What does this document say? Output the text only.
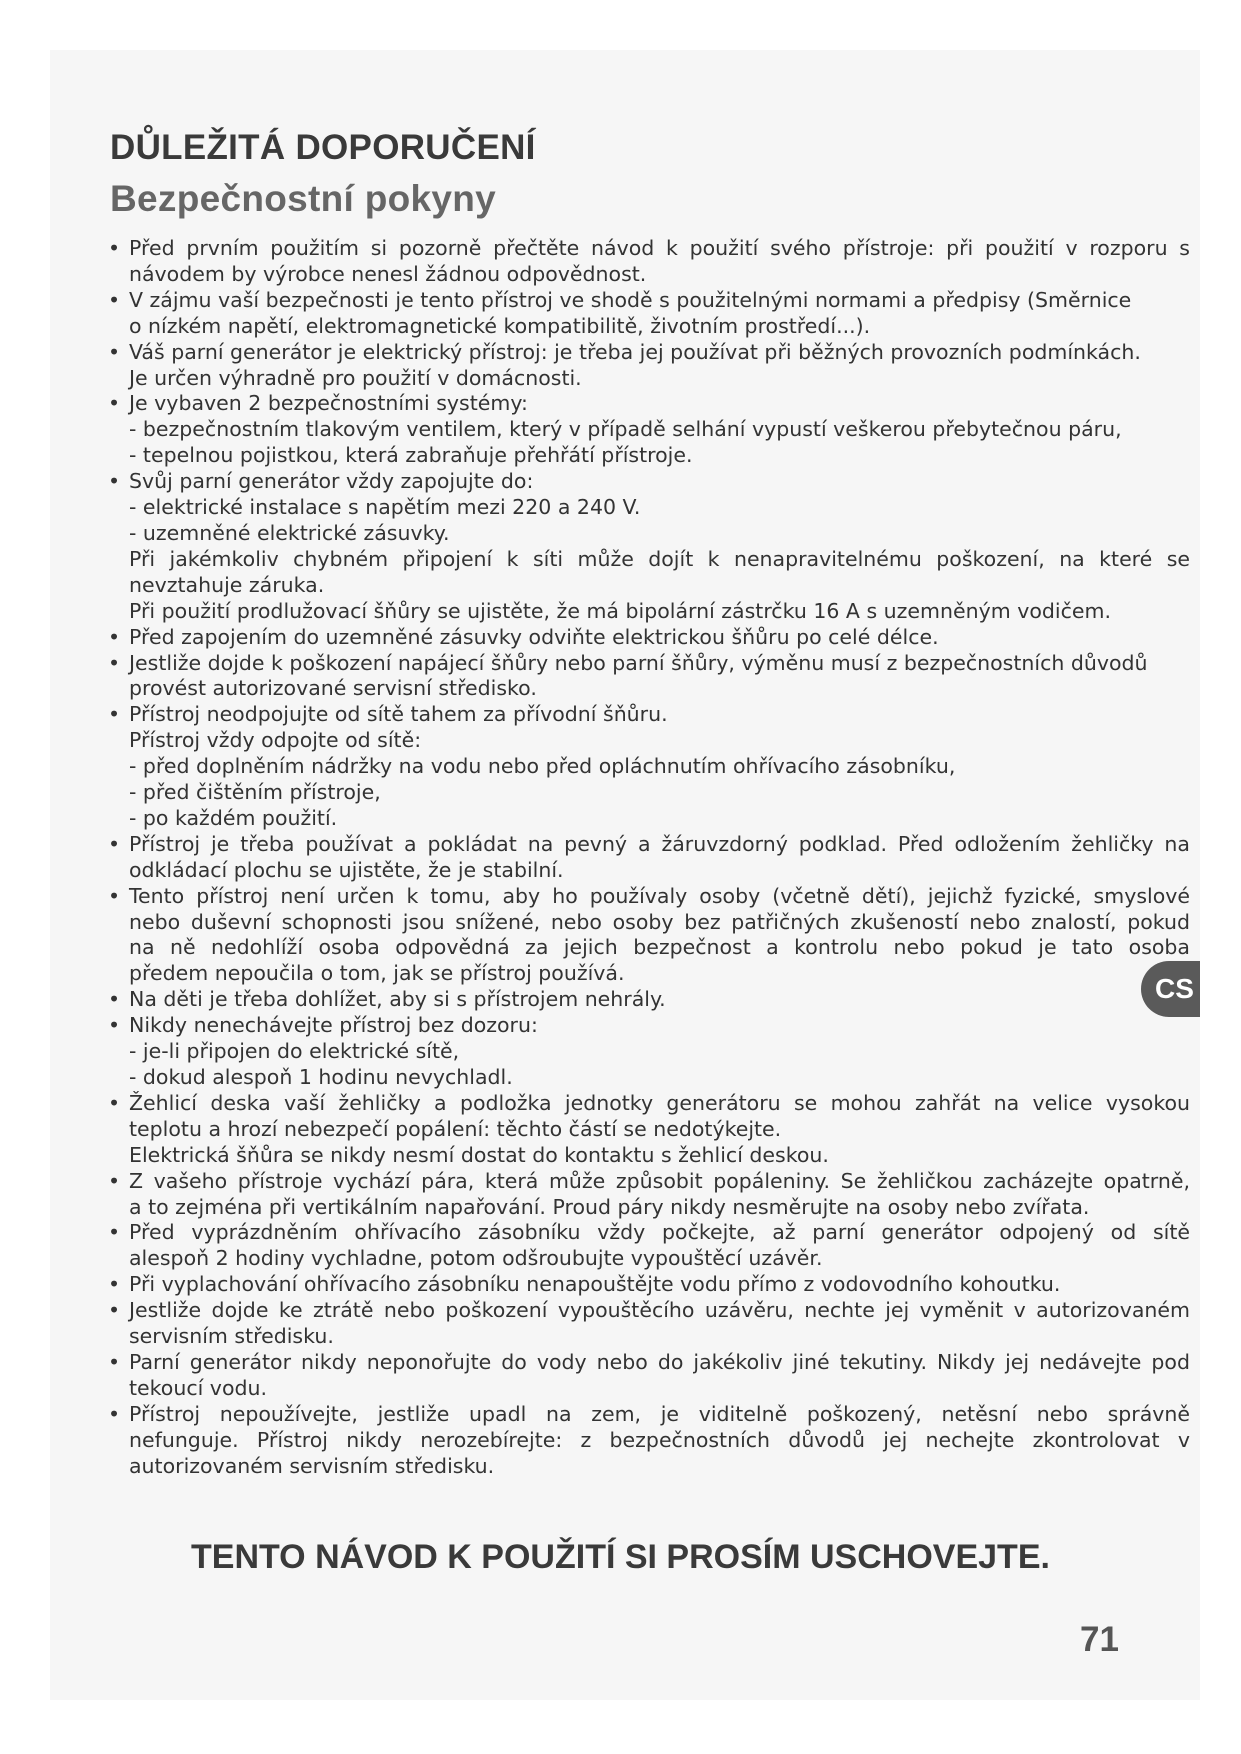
DŮLEŽITÁ DOPORUČENÍ
Bezpečnostní pokyny
• Před prvním použitím si pozorně přečtěte návod k použití svého přístroje: při použití v rozporu s
návodem by výrobce nenesl žádnou odpovědnost.
• V zájmu vaší bezpečnosti je tento přístroj ve shodě s použitelnými normami a předpisy (Směrnice
o nízkém napětí, elektromagnetické kompatibilitě, životním prostředí...).
• Váš parní generátor je elektrický přístroj: je třeba jej používat při běžných provozních podmínkách.
Je určen výhradně pro použití v domácnosti.
• Je vybaven 2 bezpečnostními systémy:
- bezpečnostním tlakovým ventilem, který v případě selhání vypustí veškerou přebytečnou páru,
- tepelnou pojistkou, která zabraňuje přehřátí přístroje.
• Svůj parní generátor vždy zapojujte do:
- elektrické instalace s napětím mezi 220 a 240 V.
- uzemněné elektrické zásuvky.
Při jakémkoliv chybném připojení k síti může dojít k nenapravitelnému poškození, na které se
nevztahuje záruka.
Při použití prodlužovací šňůry se ujistěte, že má bipolární zástrčku 16 A s uzemněným vodičem.
• Před zapojením do uzemněné zásuvky odviňte elektrickou šňůru po celé délce.
• Jestliže dojde k poškození napájecí šňůry nebo parní šňůry, výměnu musí z bezpečnostních důvodů
provést autorizované servisní středisko.
• Přístroj neodpojujte od sítě tahem za přívodní šňůru.
Přístroj vždy odpojte od sítě:
- před doplněním nádržky na vodu nebo před opláchnutím ohřívacího zásobníku,
- před čištěním přístroje,
- po každém použití.
• Přístroj je třeba používat a pokládat na pevný a žáruvzdorný podklad. Před odložením žehličky na
odkládací plochu se ujistěte, že je stabilní.
• Tento přístroj není určen k tomu, aby ho používaly osoby (včetně dětí), jejichž fyzické, smyslové
nebo duševní schopnosti jsou snížené, nebo osoby bez patřičných zkušeností nebo znalostí, pokud
na ně nedohlíží osoba odpovědná za jejich bezpečnost a kontrolu nebo pokud je tato osoba
předem nepoučila o tom, jak se přístroj používá.
• Na děti je třeba dohlížet, aby si s přístrojem nehrály.
• Nikdy nenechávejte přístroj bez dozoru:
- je-li připojen do elektrické sítě,
- dokud alespoň 1 hodinu nevychladl.
• Žehlicí deska vaší žehličky a podložka jednotky generátoru se mohou zahřát na velice vysokou
teplotu a hrozí nebezpečí popálení: těchto částí se nedotýkejte.
Elektrická šňůra se nikdy nesmí dostat do kontaktu s žehlicí deskou.
• Z vašeho přístroje vychází pára, která může způsobit popáleniny. Se žehličkou zacházejte opatrně,
a to zejména při vertikálním napařování. Proud páry nikdy nesměrujte na osoby nebo zvířata.
• Před vyprázdněním ohřívacího zásobníku vždy počkejte, až parní generátor odpojený od sítě
alespoň 2 hodiny vychladne, potom odšroubujte vypouštěcí uzávěr.
• Při vyplachování ohřívacího zásobníku nenapouštějte vodu přímo z vodovodního kohoutku.
• Jestliže dojde ke ztrátě nebo poškození vypouštěcího uzávěru, nechte jej vyměnit v autorizovaném
servisním středisku.
• Parní generátor nikdy neponořujte do vody nebo do jakékoliv jiné tekutiny. Nikdy jej nedávejte pod
tekoucí vodu.
• Přístroj nepoužívejte, jestliže upadl na zem, je viditelně poškozený, netěsní nebo správně
nefunguje. Přístroj nikdy nerozebírejte: z bezpečnostních důvodů jej nechejte zkontrolovat v
autorizovaném servisním středisku.
CS

TENTO NÁVOD K POUŽITÍ SI PROSÍM USCHOVEJTE.

71
